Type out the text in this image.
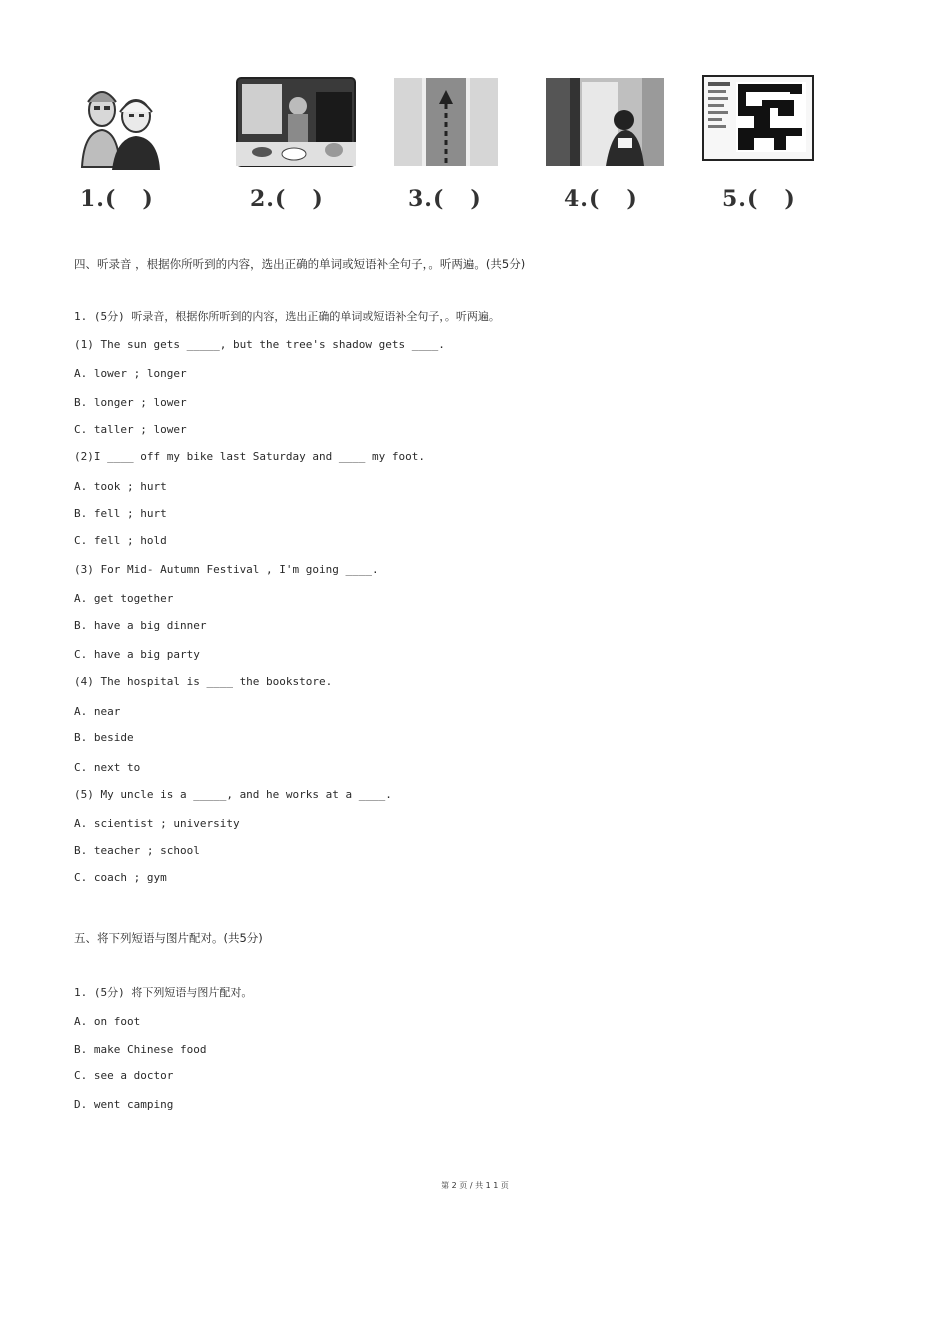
1.(   )	2.(   )	3.(   )	4.(   )	5.(   )
四、听录音 ，根据你所听到的内容，选出正确的单词或短语补全句子，。听两遍。(共5分)
1. (5分) 听录音，根据你所听到的内容，选出正确的单词或短语补全句子，。听两遍。
(1) The sun gets _____, but the tree's shadow gets ____.
A. lower ; longer
B. longer ; lower
C. taller ; lower
(2)I ____ off my bike last Saturday and ____ my foot.
A. took ; hurt
B. fell ; hurt
C. fell ; hold
(3) For Mid- Autumn Festival , I'm going ____.
A. get together
B. have a big dinner
C. have a big party
(4) The hospital is ____ the bookstore.
A. near
B. beside
C. next to
(5) My uncle is a _____, and he works at a ____.
A. scientist ; university
B. teacher ; school
C. coach ; gym
五、将下列短语与图片配对。(共5分)
1. (5分) 将下列短语与图片配对。
A. on foot
B. make Chinese food
C. see a doctor
D. went camping
第 2 页 / 共 1 1 页
